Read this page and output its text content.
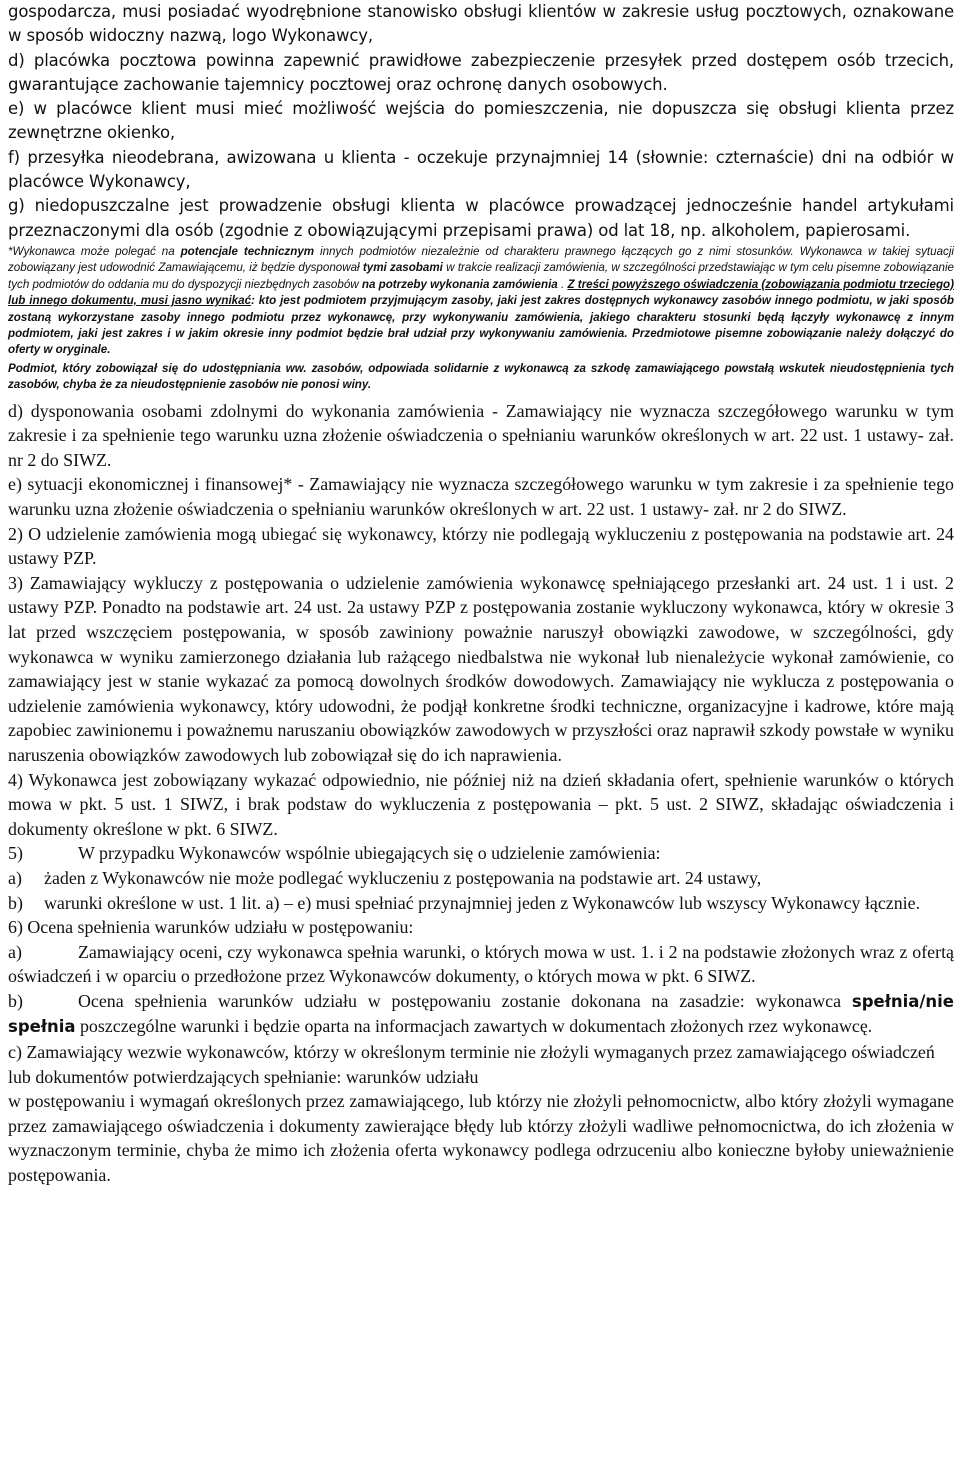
gospodarcza, musi posiadać wyodrębnione stanowisko obsługi klientów w zakresie usług pocztowych, oznakowane w sposób widoczny nazwą, logo Wykonawcy,

d) placówka pocztowa powinna zapewnić prawidłowe zabezpieczenie przesyłek przed dostępem osób trzecich, gwarantujące zachowanie tajemnicy pocztowej oraz ochronę danych osobowych.

e) w placówce klient musi mieć możliwość wejścia do pomieszczenia, nie dopuszcza się obsługi klienta przez zewnętrzne okienko,

f) przesyłka nieodebrana, awizowana u klienta - oczekuje przynajmniej 14 (słownie: czternaście) dni na odbiór w placówce Wykonawcy,

g) niedopuszczalne jest prowadzenie obsługi klienta w placówce prowadzącej jednocześnie handel artykułami przeznaczonymi dla osób (zgodnie z obowiązującymi przepisami prawa) od lat 18, np. alkoholem, papierosami.

*Wykonawca może polegać na potencjale technicznym innych podmiotów niezależnie od charakteru prawnego łączących go z nimi stosunków. Wykonawca w takiej sytuacji zobowiązany jest udowodnić Zamawiającemu, iż będzie dysponował tymi zasobami w trakcie realizacji zamówienia, w szczególności przedstawiając w tym celu pisemne zobowiązanie tych podmiotów do oddania mu do dyspozycji niezbędnych zasobów na potrzeby wykonania zamówienia . Z treści powyższego oświadczenia (zobowiązania podmiotu trzeciego) lub innego dokumentu, musi jasno wynikać: kto jest podmiotem przyjmującym zasoby, jaki jest zakres dostępnych wykonawcy zasobów innego podmiotu, w jaki sposób zostaną wykorzystane zasoby innego podmiotu przez wykonawcę, przy wykonywaniu zamówienia, jakiego charakteru stosunki będą łączyły wykonawcę z innym podmiotem, jaki jest zakres i w jakim okresie inny podmiot będzie brał udział przy wykonywaniu zamówienia. Przedmiotowe pisemne zobowiązanie należy dołączyć do oferty w oryginale.

Podmiot, który zobowiązał się do udostępniania ww. zasobów, odpowiada solidarnie z wykonawcą za szkodę zamawiającego powstałą wskutek nieudostępnienia tych zasobów, chyba że za nieudostępnienie zasobów nie ponosi winy.

d) dysponowania osobami zdolnymi do wykonania zamówienia - Zamawiający nie wyznacza szczegółowego warunku w tym zakresie i za spełnienie tego warunku uzna złożenie oświadczenia o spełnianiu warunków określonych w art. 22 ust. 1 ustawy- zał. nr 2 do SIWZ.

e) sytuacji ekonomicznej i finansowej* - Zamawiający nie wyznacza szczegółowego warunku w tym zakresie i za spełnienie tego warunku uzna złożenie oświadczenia o spełnianiu warunków określonych w art. 22 ust. 1 ustawy- zał. nr 2 do SIWZ.

2) O udzielenie zamówienia mogą ubiegać się wykonawcy, którzy nie podlegają wykluczeniu z postępowania na podstawie art. 24 ustawy PZP.

3) Zamawiający wykluczy z postępowania o udzielenie zamówienia wykonawcę spełniającego przesłanki art. 24 ust. 1 i ust. 2 ustawy PZP. Ponadto na podstawie art. 24 ust. 2a ustawy PZP z postępowania zostanie wykluczony wykonawca, który w okresie 3 lat przed wszczęciem postępowania, w sposób zawiniony poważnie naruszył obowiązki zawodowe, w szczególności, gdy wykonawca w wyniku zamierzonego działania lub rażącego niedbalstwa nie wykonał lub nienależycie wykonał zamówienie, co zamawiający jest w stanie wykazać za pomocą dowolnych środków dowodowych. Zamawiający nie wyklucza z postępowania o udzielenie zamówienia wykonawcy, który udowodni, że podjął konkretne środki techniczne, organizacyjne i kadrowe, które mają zapobiec zawinionemu i poważnemu naruszaniu obowiązków zawodowych w przyszłości oraz naprawił szkody powstałe w wyniku naruszenia obowiązków zawodowych lub zobowiązał się do ich naprawienia.

4) Wykonawca jest zobowiązany wykazać odpowiednio, nie później niż na dzień składania ofert, spełnienie warunków o których mowa w pkt. 5 ust. 1 SIWZ, i brak podstaw do wykluczenia z postępowania – pkt. 5 ust. 2 SIWZ, składając oświadczenia i dokumenty określone w pkt. 6 SIWZ.

5)	W przypadku Wykonawców wspólnie ubiegających się o udzielenie zamówienia:
a)	żaden z Wykonawców nie może podlegać wykluczeniu z postępowania na podstawie art. 24 ustawy,
b)	warunki określone w ust. 1 lit. a) – e) musi spełniać przynajmniej jeden z Wykonawców lub wszyscy Wykonawcy łącznie.

6) Ocena spełnienia warunków udziału w postępowaniu:

a)	Zamawiający oceni, czy wykonawca spełnia warunki, o których mowa w ust. 1. i 2 na podstawie złożonych wraz z ofertą oświadczeń i w oparciu o przedłożone przez Wykonawców dokumenty, o których mowa w pkt. 6 SIWZ.

b)	Ocena spełnienia warunków udziału w postępowaniu zostanie dokonana na zasadzie: wykonawca spełnia/nie spełnia poszczególne warunki i będzie oparta na informacjach zawartych w dokumentach złożonych rzez wykonawcę.

c) Zamawiający wezwie wykonawców, którzy w określonym terminie nie złożyli wymaganych przez zamawiającego oświadczeń lub dokumentów potwierdzających spełnianie: warunków udziału

w postępowaniu i wymagań określonych przez zamawiającego, lub którzy nie złożyli pełnomocnictw, albo który złożyli wymagane przez zamawiającego oświadczenia i dokumenty zawierające błędy lub którzy złożyli wadliwe pełnomocnictwa, do ich złożenia w wyznaczonym terminie, chyba że mimo ich złożenia oferta wykonawcy podlega odrzuceniu albo konieczne byłoby unieważnienie postępowania.
